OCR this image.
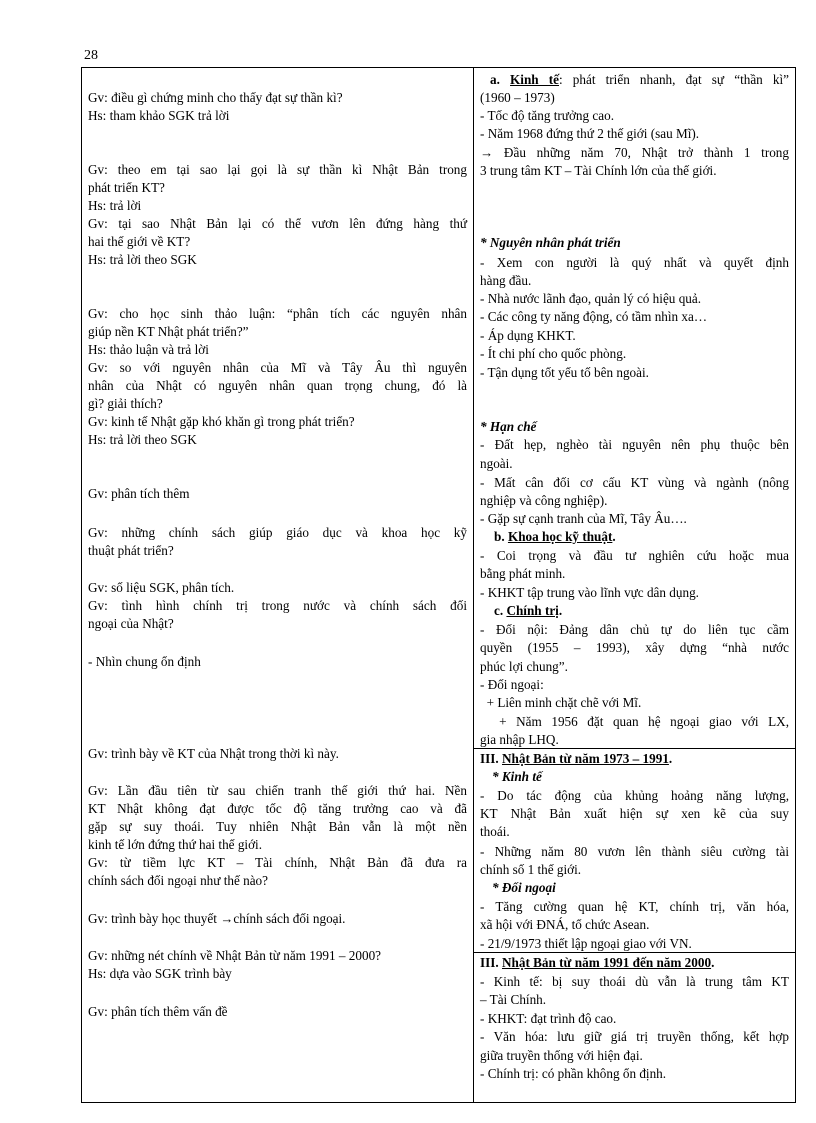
28
Gv: điều gì chứng minh cho thấy đạt sự thần kì?
Hs: tham khảo SGK trả lời
Gv: theo em tại sao lại gọi là sự thần kì Nhật Bản trong
phát triển KT?
Hs: trả lời
Gv: tại sao Nhật Bản lại có thể vươn lên đứng hàng thứ
hai thế giới về KT?
Hs: trả lời theo SGK
Gv: cho học sinh thảo luận: “phân tích các nguyên nhân
giúp nền KT Nhật phát triển?”
Hs: thảo luận và trả lời
Gv: so với nguyên nhân của Mĩ và Tây Âu thì nguyên
nhân của Nhật có nguyên nhân quan trọng chung, đó là
gì? giải thích?
Gv: kinh tế Nhật gặp khó khăn gì trong phát triển?
Hs: trả lời theo SGK
Gv: phân tích thêm
Gv: những chính sách giúp giáo dục và khoa học kỹ
thuật phát triển?
Gv: số liệu SGK, phân tích.
Gv: tình hình chính trị trong nước và chính sách đối
ngoại của Nhật?
- Nhìn chung ổn định
Gv: trình bày về KT của Nhật trong thời kì này.
Gv: Lần đầu tiên từ sau chiến tranh thế giới thứ hai. Nền
KT Nhật không đạt được tốc độ tăng trưởng cao và đã
gặp sự suy thoái. Tuy nhiên Nhật Bản vẫn là một nền
kinh tế lớn đứng thứ hai thế giới.
Gv: từ tiềm lực KT – Tài chính, Nhật Bản đã đưa ra
chính sách đối ngoại như thế nào?
Gv: trình bày học thuyết →chính sách đối ngoại.
Gv: những nét chính về Nhật Bản từ năm 1991 – 2000?
Hs: dựa vào SGK trình bày
Gv: phân tích thêm vấn đề
a. Kinh tế: phát triển nhanh, đạt sự “thần kì”
(1960 – 1973)
- Tốc độ tăng trưởng cao.
- Năm 1968 đứng thứ 2 thế giới (sau Mĩ).
→ Đầu những năm 70, Nhật trở thành 1 trong
3 trung tâm KT – Tài Chính lớn của thế giới.
* Nguyên nhân phát triển
- Xem con người là quý nhất và quyết định
hàng đầu.
- Nhà nước lãnh đạo, quản lý có hiệu quả.
- Các công ty năng động, có tầm nhìn xa…
- Áp dụng KHKT.
- Ít chi phí cho quốc phòng.
- Tận dụng tốt yếu tố bên ngoài.
* Hạn chế
- Đất hẹp, nghèo tài nguyên nên phụ thuộc bên
ngoài.
- Mất cân đối cơ cấu KT vùng và ngành (nông
nghiệp và công nghiệp).
- Gặp sự cạnh tranh của Mĩ, Tây Âu….
b. Khoa học kỹ thuật.
- Coi trọng và đầu tư nghiên cứu hoặc mua
bằng phát minh.
- KHKT tập trung vào lĩnh vực dân dụng.
c. Chính trị.
- Đối nội: Đảng dân chủ tự do liên tục cầm
quyền (1955 – 1993), xây dựng “nhà nước
phúc lợi chung”.
- Đối ngoại:
+ Liên minh chặt chẽ với Mĩ.
+ Năm 1956 đặt quan hệ ngoại giao với LX,
gia nhập LHQ.
III. Nhật Bản từ năm 1973 – 1991.
* Kinh tế
- Do tác động của khủng hoảng năng lượng,
KT Nhật Bản xuất hiện sự xen kẽ của suy
thoái.
- Những năm 80 vươn lên thành siêu cường tài
chính số 1 thế giới.
* Đối ngoại
- Tăng cường quan hệ KT, chính trị, văn hóa,
xã hội với ĐNÁ, tổ chức Asean.
- 21/9/1973 thiết lập ngoại giao với VN.
III. Nhật Bản từ năm 1991 đến năm 2000.
- Kinh tế: bị suy thoái dù vẫn là trung tâm KT
– Tài Chính.
- KHKT: đạt trình độ cao.
- Văn hóa: lưu giữ giá trị truyền thống, kết hợp
giữa truyền thống với hiện đại.
- Chính trị: có phần không ổn định.
